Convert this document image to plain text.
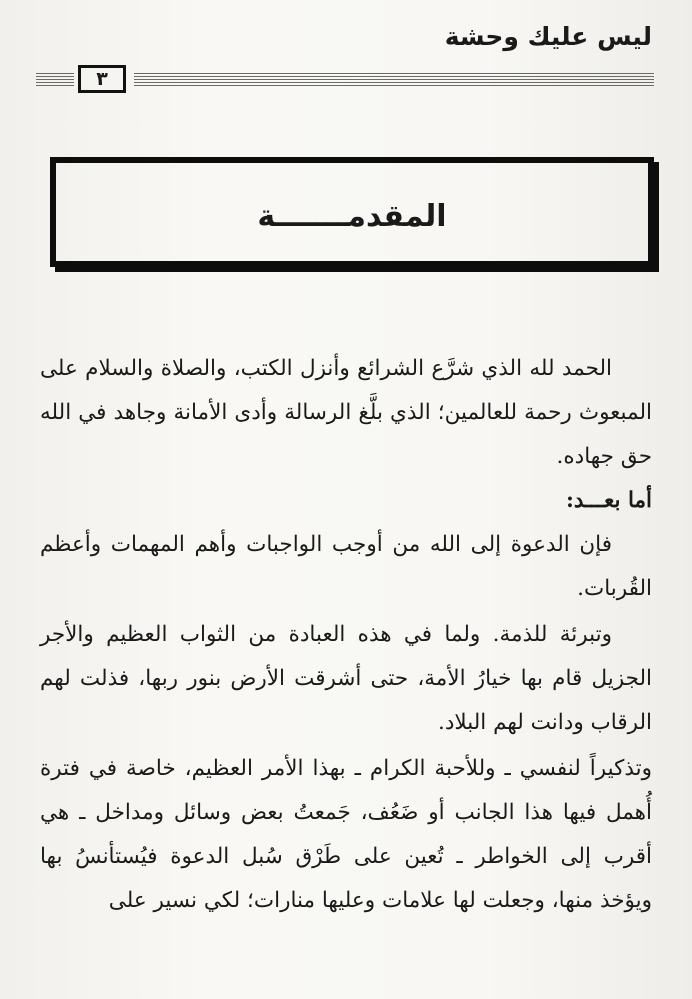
ليس عليك وحشة
٣
المقدمـــــــة

الحمد لله الذي شرَّع الشرائع وأنزل الكتب، والصلاة والسلام على المبعوث رحمة للعالمين؛ الذي بلَّغ الرسالة وأدى الأمانة وجاهد في الله حق جهاده.

أما بعـــد:

فإن الدعوة إلى الله من أوجب الواجبات وأهم المهمات وأعظم القُربات.

وتبرئة للذمة. ولما في هذه العبادة من الثواب العظيم والأجر الجزيل قام بها خيارُ الأمة، حتى أشرقت الأرض بنور ربها، فذلت لهم الرقاب ودانت لهم البلاد.

وتذكيراً لنفسي ـ وللأحبة الكرام ـ بهذا الأمر العظيم، خاصة في فترة أُهمل فيها هذا الجانب أو ضَعُف، جَمعتُ بعض وسائل ومداخل ـ هي أقرب إلى الخواطر ـ تُعين على طَرْق سُبل الدعوة فيُستأنسُ بها ويؤخذ منها، وجعلت لها علامات وعليها منارات؛ لكي نسير على
